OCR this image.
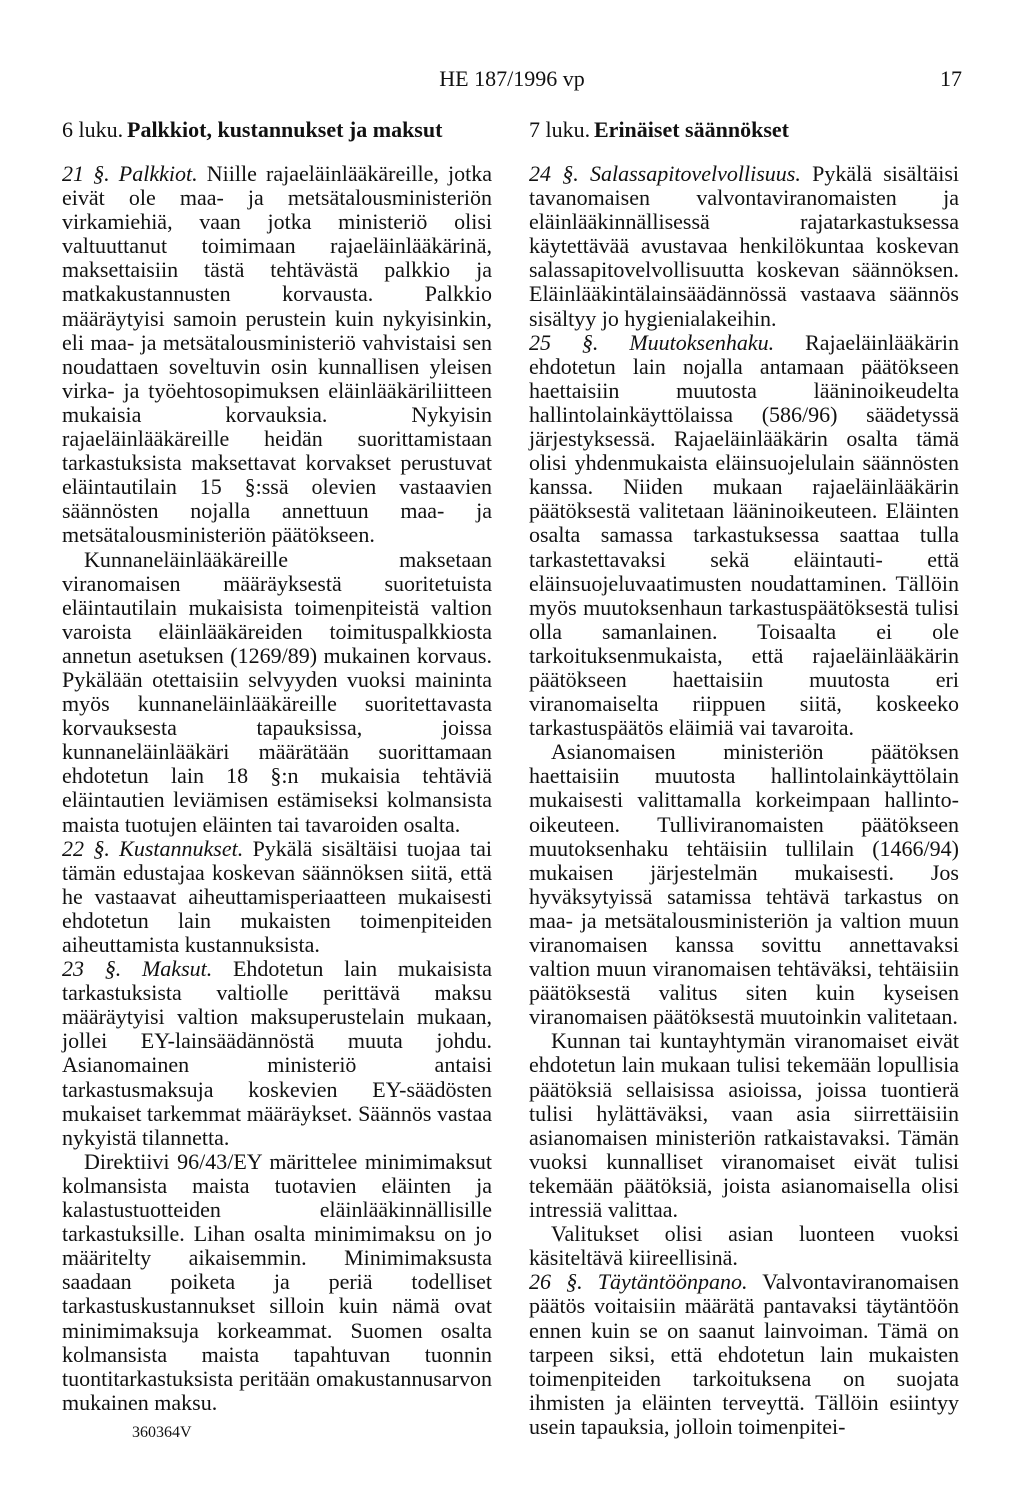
HE 187/1996 vp	17
6 luku. Palkkiot, kustannukset ja maksut

21 §. Palkkiot. Niille rajaeläinlääkäreille, jotka eivät ole maa- ja metsätalousministeriön virkamiehiä, vaan jotka ministeriö olisi valtuuttanut toimimaan rajaeläinlääkärinä, maksettaisiin tästä tehtävästä palkkio ja matkakustannusten korvausta. Palkkio määräytyisi samoin perustein kuin nykyisinkin, eli maa- ja metsätalousministeriö vahvistaisi sen noudattaen soveltuvin osin kunnallisen yleisen virka- ja työehtosopimuksen eläinlääkäriliitteen mukaisia korvauksia. Nykyisin rajaeläinlääkäreille heidän suorittamistaan tarkastuksista maksettavat korvakset perustuvat eläintautilain 15 §:ssä olevien vastaavien säännösten nojalla annettuun maa- ja metsätalousministeriön päätökseen.

Kunnaneläinlääkäreille maksetaan viranomaisen määräyksestä suoritetuista eläintautilain mukaisista toimenpiteistä valtion varoista eläinlääkäreiden toimituspalkkiosta annetun asetuksen (1269/89) mukainen korvaus. Pykälään otettaisiin selvyyden vuoksi maininta myös kunnaneläinlääkäreille suoritettavasta korvauksesta tapauksissa, joissa kunnaneläinlääkäri määrätään suorittamaan ehdotetun lain 18 §:n mukaisia tehtäviä eläintautien leviämisen estämiseksi kolmansista maista tuotujen eläinten tai tavaroiden osalta.

22 §. Kustannukset. Pykälä sisältäisi tuojaa tai tämän edustajaa koskevan säännöksen siitä, että he vastaavat aiheuttamisperiaatteen mukaisesti ehdotetun lain mukaisten toimenpiteiden aiheuttamista kustannuksista.

23 §. Maksut. Ehdotetun lain mukaisista tarkastuksista valtiolle perittävä maksu määräytyisi valtion maksuperustelain mukaan, jollei EY-lainsäädännöstä muuta johdu. Asianomainen ministeriö antaisi tarkastusmaksuja koskevien EY-säädösten mukaiset tarkemmat määräykset. Säännös vastaa nykyistä tilannetta.

Direktiivi 96/43/EY märittelee minimimaksut kolmansista maista tuotavien eläinten ja kalastustuotteiden eläinlääkinnällisille tarkastuksille. Lihan osalta minimimaksu on jo määritelty aikaisemmin. Minimimaksusta saadaan poiketa ja periä todelliset tarkastuskustannukset silloin kuin nämä ovat minimimaksuja korkeammat. Suomen osalta kolmansista maista tapahtuvan tuonnin tuontitarkastuksista peritään omakustannusarvon mukainen maksu.

7 luku. Erinäiset säännökset

24 §. Salassapitovelvollisuus. Pykälä sisältäisi tavanomaisen valvontaviranomaisten ja eläinlääkinnällisessä rajatarkastuksessa käytettävää avustavaa henkilökuntaa koskevan salassapitovelvollisuutta koskevan säännöksen. Eläinlääkintälainsäädännössä vastaava säännös sisältyy jo hygienialakeihin.

25 §. Muutoksenhaku. Rajaeläinlääkärin ehdotetun lain nojalla antamaan päätökseen haettaisiin muutosta lääninoikeudelta hallintolainkäyttölaissa (586/96) säädetyssä järjestyksessä. Rajaeläinlääkärin osalta tämä olisi yhdenmukaista eläinsuojelulain säännösten kanssa. Niiden mukaan rajaeläinlääkärin päätöksestä valitetaan lääninoikeuteen. Eläinten osalta samassa tarkastuksessa saattaa tulla tarkastettavaksi sekä eläintauti- että eläinsuojeluvaatimusten noudattaminen. Tällöin myös muutoksenhaun tarkastuspäätöksestä tulisi olla samanlainen. Toisaalta ei ole tarkoituksenmukaista, että rajaeläinlääkärin päätökseen haettaisiin muutosta eri viranomaiselta riippuen siitä, koskeeko tarkastuspäätös eläimiä vai tavaroita.

Asianomaisen ministeriön päätöksen haettaisiin muutosta hallintolainkäyttölain mukaisesti valittamalla korkeimpaan hallinto-oikeuteen. Tulliviranomaisten päätökseen muutoksenhaku tehtäisiin tullilain (1466/94) mukaisen järjestelmän mukaisesti. Jos hyväksytyissä satamissa tehtävä tarkastus on maa- ja metsätalousministeriön ja valtion muun viranomaisen kanssa sovittu annettavaksi valtion muun viranomaisen tehtäväksi, tehtäisiin päätöksestä valitus siten kuin kyseisen viranomaisen päätöksestä muutoinkin valitetaan.

Kunnan tai kuntayhtymän viranomaiset eivät ehdotetun lain mukaan tulisi tekemään lopullisia päätöksiä sellaisissa asioissa, joissa tuontierä tulisi hylättäväksi, vaan asia siirrettäisiin asianomaisen ministeriön ratkaistavaksi. Tämän vuoksi kunnalliset viranomaiset eivät tulisi tekemään päätöksiä, joista asianomaisella olisi intressiä valittaa.

Valitukset olisi asian luonteen vuoksi käsiteltävä kiireellisinä.

26 §. Täytäntöönpano. Valvontaviranomaisen päätös voitaisiin määrätä pantavaksi täytäntöön ennen kuin se on saanut lainvoiman. Tämä on tarpeen siksi, että ehdotetun lain mukaisten toimenpiteiden tarkoituksena on suojata ihmisten ja eläinten terveyttä. Tällöin esiintyy usein tapauksia, jolloin toimenpitei-

360364V
